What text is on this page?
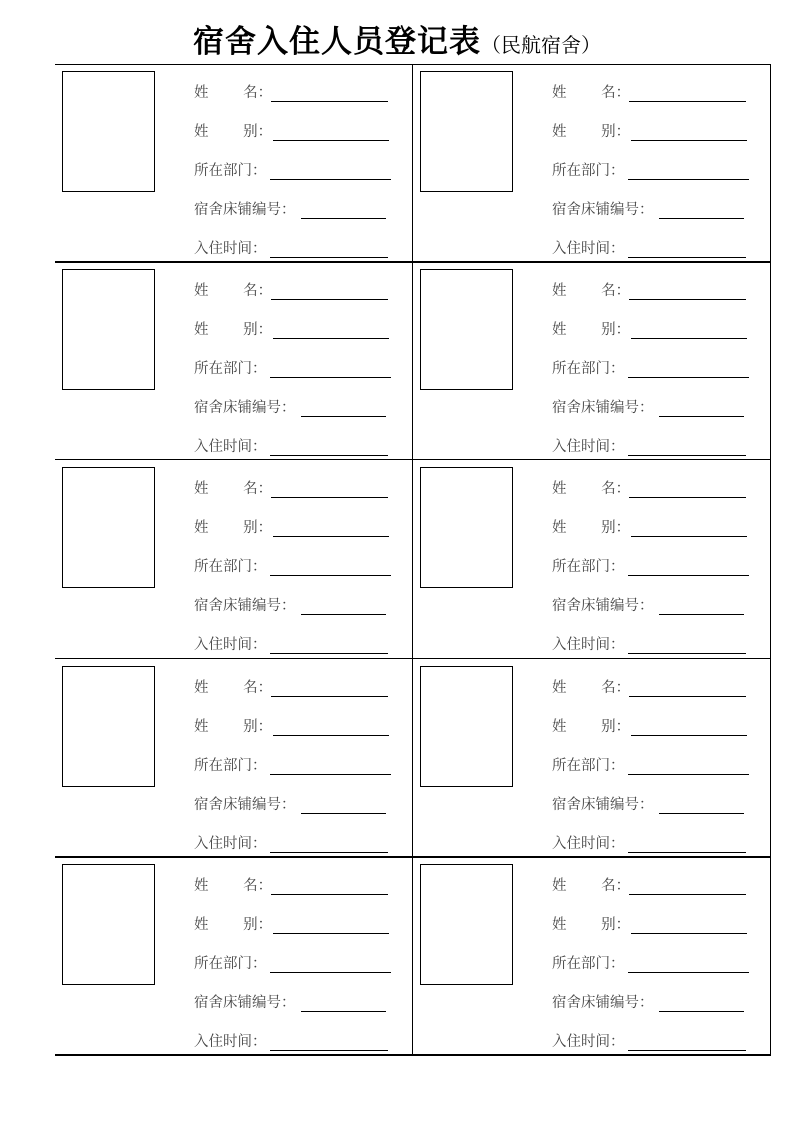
宿舍入住人员登记表（民航宿舍）
姓 名：
姓 别：
所在部门：
宿舍床铺编号：
入住时间：
姓 名：
姓 别：
所在部门：
宿舍床铺编号：
入住时间：
姓 名：
姓 别：
所在部门：
宿舍床铺编号：
入住时间：
姓 名：
姓 别：
所在部门：
宿舍床铺编号：
入住时间：
姓 名：
姓 别：
所在部门：
宿舍床铺编号：
入住时间：
姓 名：
姓 别：
所在部门：
宿舍床铺编号：
入住时间：
姓 名：
姓 别：
所在部门：
宿舍床铺编号：
入住时间：
姓 名：
姓 别：
所在部门：
宿舍床铺编号：
入住时间：
姓 名：
姓 别：
所在部门：
宿舍床铺编号：
入住时间：
姓 名：
姓 别：
所在部门：
宿舍床铺编号：
入住时间：
